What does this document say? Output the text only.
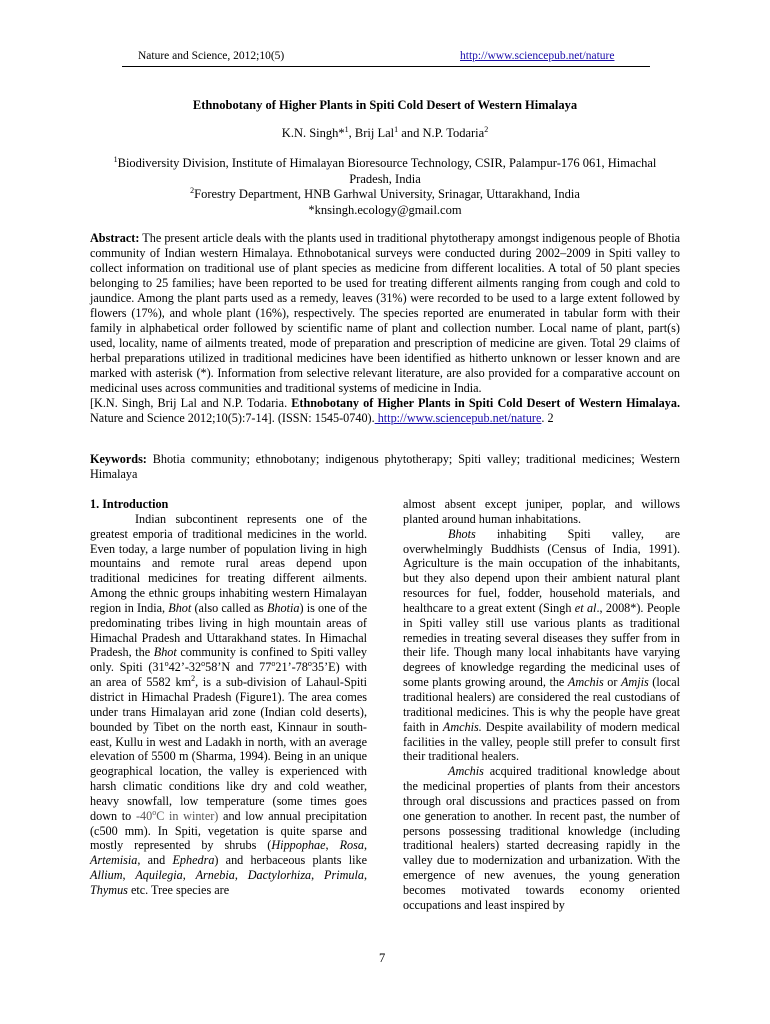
Nature and Science, 2012;10(5)	http://www.sciencepub.net/nature
Ethnobotany of Higher Plants in Spiti Cold Desert of Western Himalaya
K.N. Singh*$^1$, Brij Lal$^1$ and N.P. Todaria$^2$
$^1$Biodiversity Division, Institute of Himalayan Bioresource Technology, CSIR, Palampur-176 061, Himachal Pradesh, India
$^2$Forestry Department, HNB Garhwal University, Srinagar, Uttarakhand, India
*knsingh.ecology@gmail.com

Abstract: The present article deals with the plants used in traditional phytotherapy amongst indigenous people of Bhotia community of Indian western Himalaya. Ethnobotanical surveys were conducted during 2002–2009 in Spiti valley to collect information on traditional use of plant species as medicine from different localities. A total of 50 plant species belonging to 25 families; have been reported to be used for treating different ailments ranging from cough and cold to jaundice. Among the plant parts used as a remedy, leaves (31%) were recorded to be used to a large extent followed by flowers (17%), and whole plant (16%), respectively. The species reported are enumerated in tabular form with their family in alphabetical order followed by scientific name of plant and collection number. Local name of plant, part(s) used, locality, name of ailments treated, mode of preparation and prescription of medicine are given. Total 29 claims of herbal preparations utilized in traditional medicines have been identified as hitherto unknown or lesser known and are marked with asterisk (*). Information from selective relevant literature, are also provided for a comparative account on medicinal uses across communities and traditional systems of medicine in India.

[K.N. Singh, Brij Lal and N.P. Todaria. Ethnobotany of Higher Plants in Spiti Cold Desert of Western Himalaya. Nature and Science 2012;10(5):7-14]. (ISSN: 1545-0740). http://www.sciencepub.net/nature. 2

Keywords: Bhotia community; ethnobotany; indigenous phytotherapy; Spiti valley; traditional medicines; Western Himalaya

1. Introduction

Indian subcontinent represents one of the greatest emporia of traditional medicines in the world. Even today, a large number of population living in high mountains and remote rural areas depend upon traditional medicines for treating different ailments. Among the ethnic groups inhabiting western Himalayan region in India, Bhot (also called as Bhotia) is one of the predominating tribes living in high mountain areas of Himachal Pradesh and Uttarakhand states. In Himachal Pradesh, the Bhot community is confined to Spiti valley only. Spiti (31$^o$42’-32$^o$58’N and 77$^o$21’-78$^o$35’E) with an area of 5582 $km^2$, is a sub-division of Lahaul-Spiti district in Himachal Pradesh (Figure1). The area comes under trans Himalayan arid zone (Indian cold deserts), bounded by Tibet on the north east, Kinnaur in south-east, Kullu in west and Ladakh in north, with an average elevation of 5500 m (Sharma, 1994). Being in an unique geographical location, the valley is experienced with harsh climatic conditions like dry and cold weather, heavy snowfall, low temperature (some times goes down to -40$^o$C in winter) and low annual precipitation (c500 mm). In Spiti, vegetation is quite sparse and mostly represented by shrubs (Hippophae, Rosa, Artemisia, and Ephedra) and herbaceous plants like Allium, Aquilegia, Arnebia, Dactylorhiza, Primula, Thymus etc. Tree species are

almost absent except juniper, poplar, and willows planted around human inhabitations.

Bhots inhabiting Spiti valley, are overwhelmingly Buddhists (Census of India, 1991). Agriculture is the main occupation of the inhabitants, but they also depend upon their ambient natural plant resources for fuel, fodder, household materials, and healthcare to a great extent (Singh et al., 2008*). People in Spiti valley still use various plants as traditional remedies in treating several diseases they suffer from in their life. Though many local inhabitants have varying degrees of knowledge regarding the medicinal uses of some plants growing around, the Amchis or Amjis (local traditional healers) are considered the real custodians of traditional medicines. This is why the people have great faith in Amchis. Despite availability of modern medical facilities in the valley, people still prefer to consult first their traditional healers.

Amchis acquired traditional knowledge about the medicinal properties of plants from their ancestors through oral discussions and practices passed on from one generation to another. In recent past, the number of persons possessing traditional knowledge (including traditional healers) started decreasing rapidly in the valley due to modernization and urbanization. With the emergence of new avenues, the young generation becomes motivated towards economy oriented occupations and least inspired by

7
